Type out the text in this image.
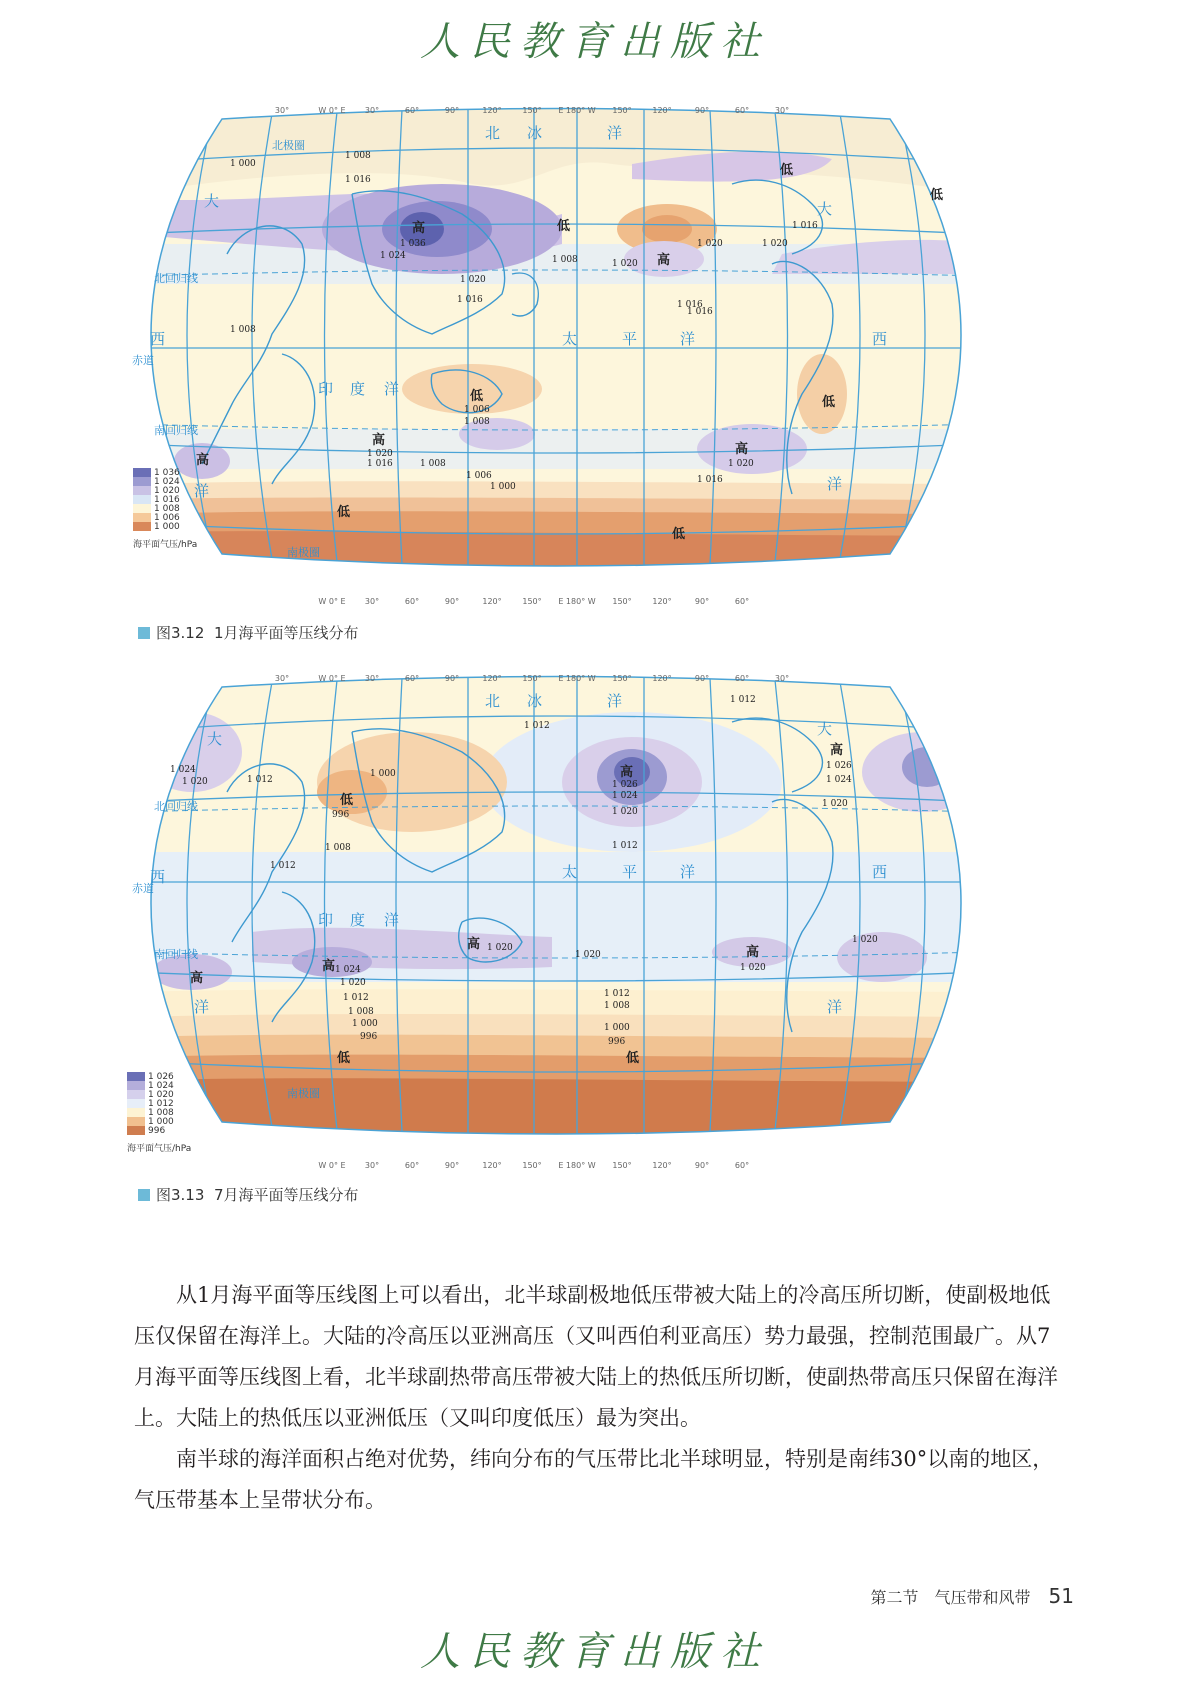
人民教育出版社
30°	W 0° E 30°	60°	90°	120°	150° E 180° W 150°	120°	90°	60°	30°
W 0° E 30°	60°	90°	120°	150° E 180° W 150°	120°	90°	60°
北极圈
北回归线
赤道
南回归线
南极圈
北 冰	洋
大
西
洋
印 度 洋
太	平	洋	西
大
洋
高	低
低
高
低
高
低
高
低
低
高
低
1 036
1 024
1 020
1 016
1 008
1 000
1 008
1 020
1 016
1 008
1 016
1 020
1 006
1 008
1 020
1 016	1 008
1 006
1 000
1 020
1 016
1 016
1 020
1 016
1 036
1 024
1 020
1 016
1 008
1 006
1 000
海平面气压/hPa
图3.12 1月海平面等压线分布
30°	W 0° E 30°	60°	90°	120°	150° E 180° W 150°	120°	90°	60°	30°
W 0° E 30°	60°	90°	120°	150° E 180° W 150°	120°	90°	60°
北回归线
赤道
南回归线
南极圈
北 冰	洋
大
西
洋
印 度 洋
太	平	洋	西
大
洋
低
高
高
高
高
高
高
低	低
1 012
1 012
1 024
1 020	1 012
1 000
996
1 008
1 026
1 024
1 020
1 012
1 026
1 024
1 020
1 012
1 020
1 020
1 020
1 024
1 020
1 012
1 008
1 000
996
1 012
1 008
1 000
996
1 020
1 026
1 024
1 020
1 012
1 008
1 000
996
海平面气压/hPa
图3.13 7月海平面等压线分布

从1月海平面等压线图上可以看出，北半球副极地低压带被大陆上的冷高压所切断，使副极地低压仅保留在海洋上。大陆的冷高压以亚洲高压（又叫西伯利亚高压）势力最强，控制范围最广。从7月海平面等压线图上看，北半球副热带高压带被大陆上的热低压所切断，使副热带高压只保留在海洋上。大陆上的热低压以亚洲低压（又叫印度低压）最为突出。

南半球的海洋面积占绝对优势，纬向分布的气压带比北半球明显，特别是南纬30°以南的地区，气压带基本上呈带状分布。

第二节　气压带和风带 51
人民教育出版社
